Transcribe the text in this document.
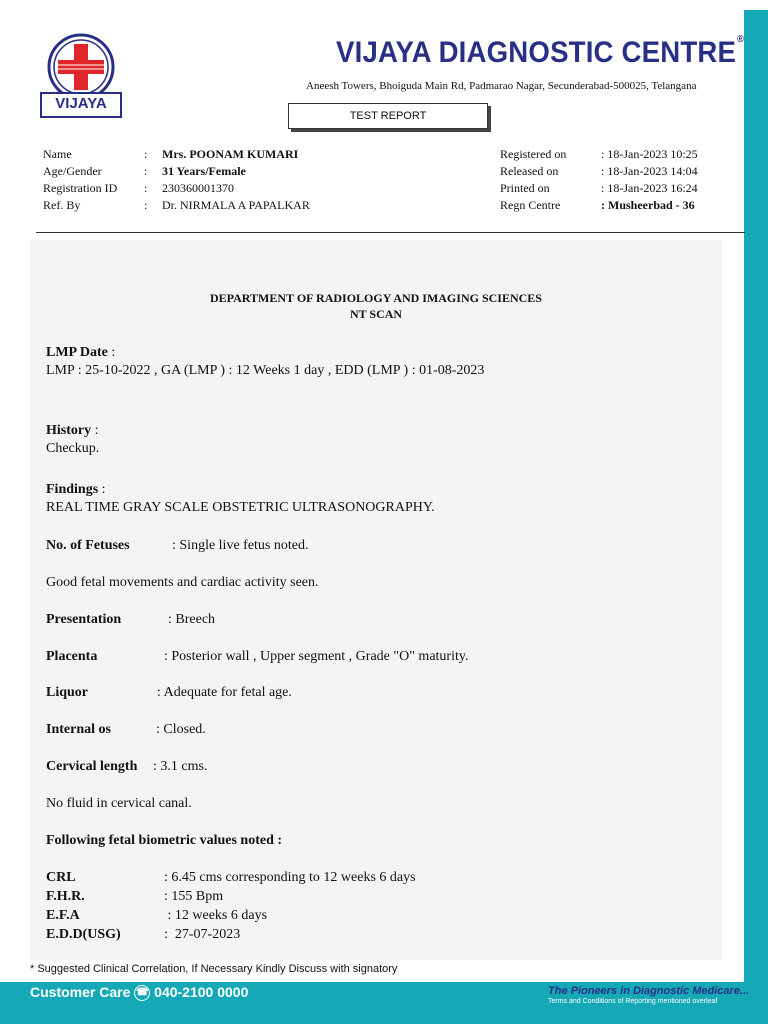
VIJAYA
VIJAYA DIAGNOSTIC CENTRE®
Aneesh Towers, Bhoiguda Main Rd, Padmarao Nagar, Secunderabad-500025, Telangana
TEST REPORT
Name	: Mrs. POONAM KUMARI
Age/Gender	: 31 Years/Female
Registration ID : 230360001370
Ref. By	: Dr. NIRMALA A PAPALKAR
Registered on	: 18-Jan-2023 10:25
Released on	: 18-Jan-2023 14:04
Printed on	: 18-Jan-2023 16:24
Regn Centre	: Musheerbad - 36
DEPARTMENT OF RADIOLOGY AND IMAGING SCIENCES
NT SCAN
LMP Date :
LMP : 25-10-2022 , GA (LMP ) : 12 Weeks 1 day , EDD (LMP ) : 01-08-2023
History :
Checkup.
Findings :
REAL TIME GRAY SCALE OBSTETRIC ULTRASONOGRAPHY.
No. of Fetuses	: Single live fetus noted.
Good fetal movements and cardiac activity seen.
Presentation	: Breech
Placenta	: Posterior wall , Upper segment , Grade "O" maturity.
Liquor	: Adequate for fetal age.
Internal os	: Closed.
Cervical length : 3.1 cms.
No fluid in cervical canal.
Following fetal biometric values noted :
CRL	: 6.45 cms corresponding to 12 weeks 6 days
F.H.R.	: 155 Bpm
E.F.A	: 12 weeks 6 days
E.D.D(USG)	:  27-07-2023
* Suggested Clinical Correlation, If Necessary Kindly Discuss with signatory
Customer Care ☎ 040-2100 0000	The Pioneers in Diagnostic Medicare...
Terms and Conditions of Reporting mentioned overleaf
